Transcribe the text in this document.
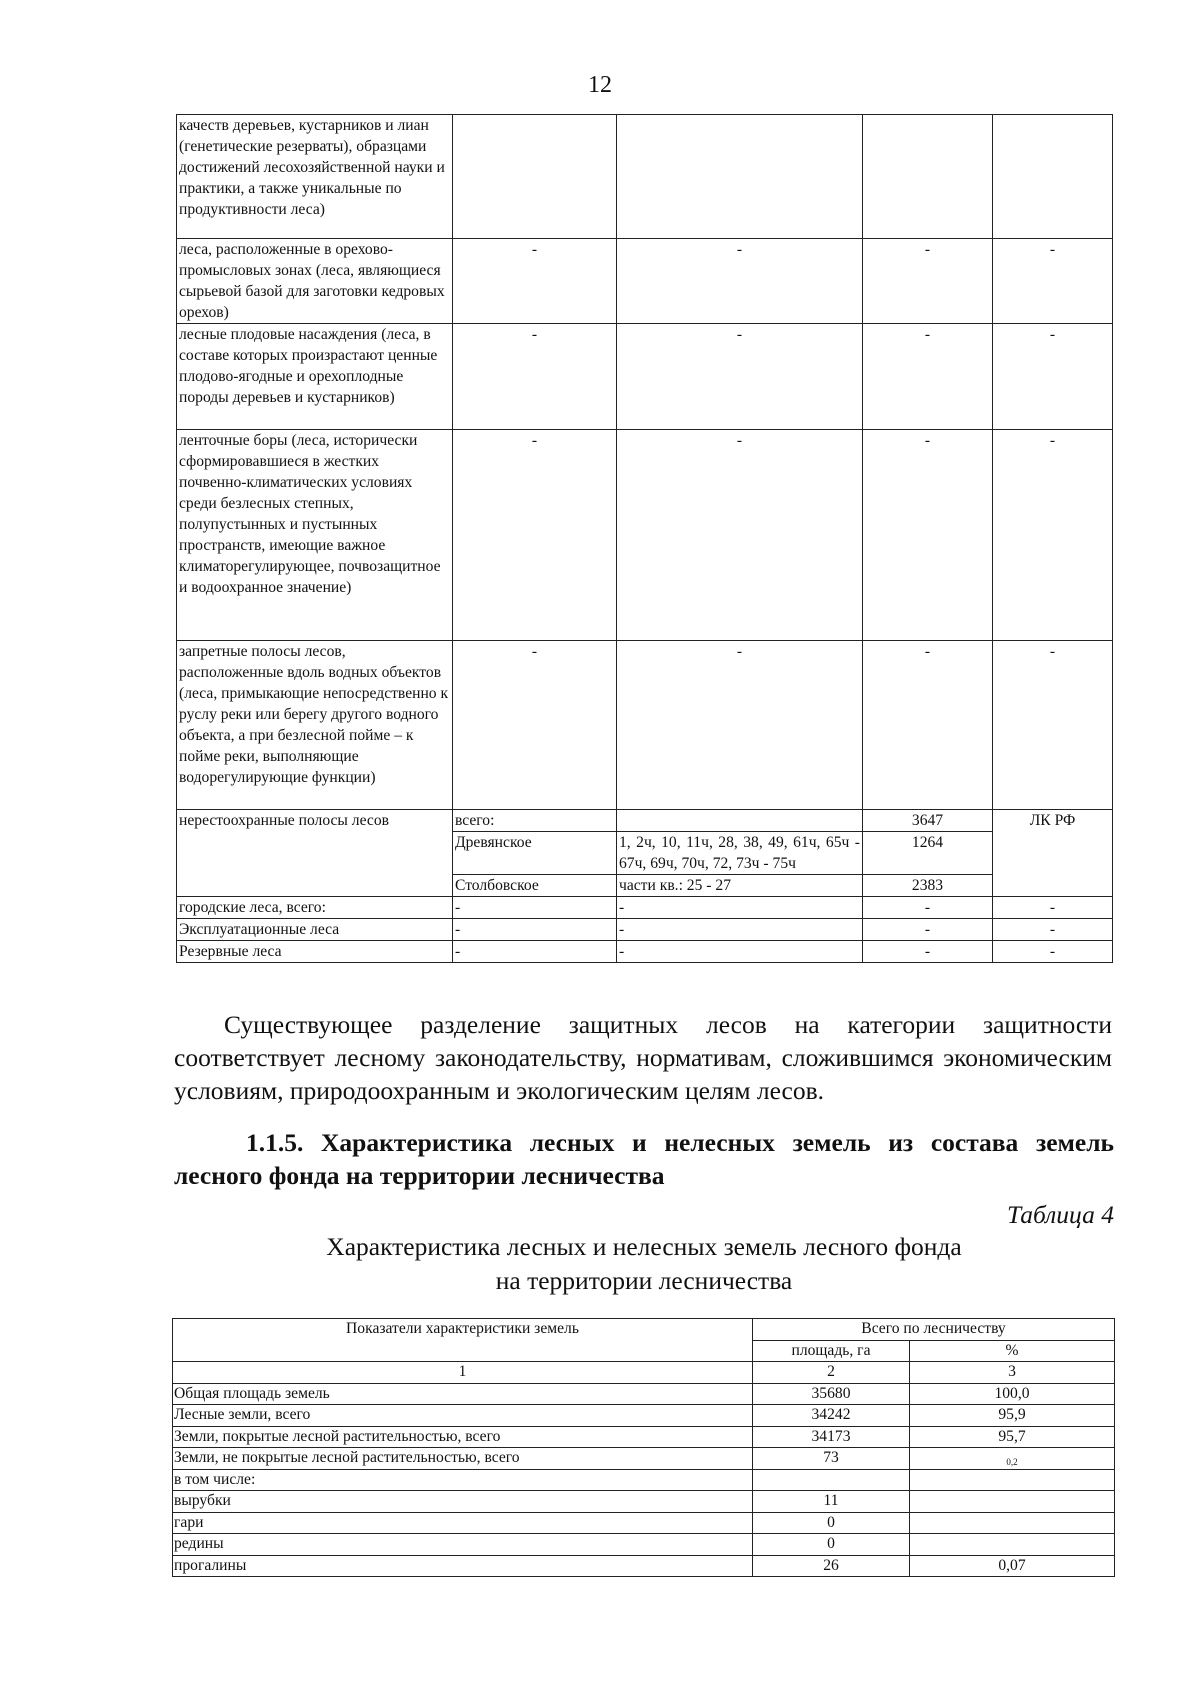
12
качеств деревьев, кустарников и лиан (генетические резерваты), образцами достижений лесохозяйственной науки и практики, а также уникальные по продуктивности леса)				
леса, расположенные в орехово-промысловых зонах (леса, являющиеся сырьевой базой для заготовки кедровых орехов)	-	-	-	-
лесные плодовые насаждения (леса, в составе которых произрастают ценные плодово-ягодные и орехоплодные породы деревьев и кустарников)	-	-	-	-
ленточные боры (леса, исторически сформировавшиеся в жестких почвенно-климатических условиях среди безлесных степных, полупустынных и пустынных пространств, имеющие важное климаторегулирующее, почвозащитное и водоохранное значение)	-	-	-	-
запретные полосы лесов, расположенные вдоль водных объектов (леса, примыкающие непосредственно к руслу реки или берегу другого водного объекта, а при безлесной пойме – к пойме реки, выполняющие водорегулирующие функции)	-	-	-	-
нерестоохранные полосы лесов	всего:		3647	ЛК РФ
	Древянское	1, 2ч, 10, 11ч, 28, 38, 49, 61ч, 65ч - 67ч, 69ч, 70ч, 72, 73ч - 75ч	1264	
	Столбовское	части кв.: 25 - 27	2383	
городские леса, всего:	-	-	-	-
Эксплуатационные леса	-	-	-	-
Резервные леса	-	-	-	-
Существующее разделение защитных лесов на категории защитности соответствует лесному законодательству, нормативам, сложившимся экономическим условиям, природоохранным и экологическим целям лесов.
1.1.5. Характеристика лесных и нелесных земель из состава земель лесного фонда на территории лесничества
Таблица 4
Характеристика лесных и нелесных земель лесного фонда
на территории лесничества
Показатели характеристики земель	Всего по лесничеству	
	площадь, га	%
1	2	3
Общая площадь земель	35680	100,0
Лесные земли, всего	34242	95,9
Земли, покрытые лесной растительностью, всего	34173	95,7
Земли, не покрытые лесной растительностью, всего	73	0,2
в том числе:		
вырубки	11	
гари	0	
редины	0	
прогалины	26	0,07
